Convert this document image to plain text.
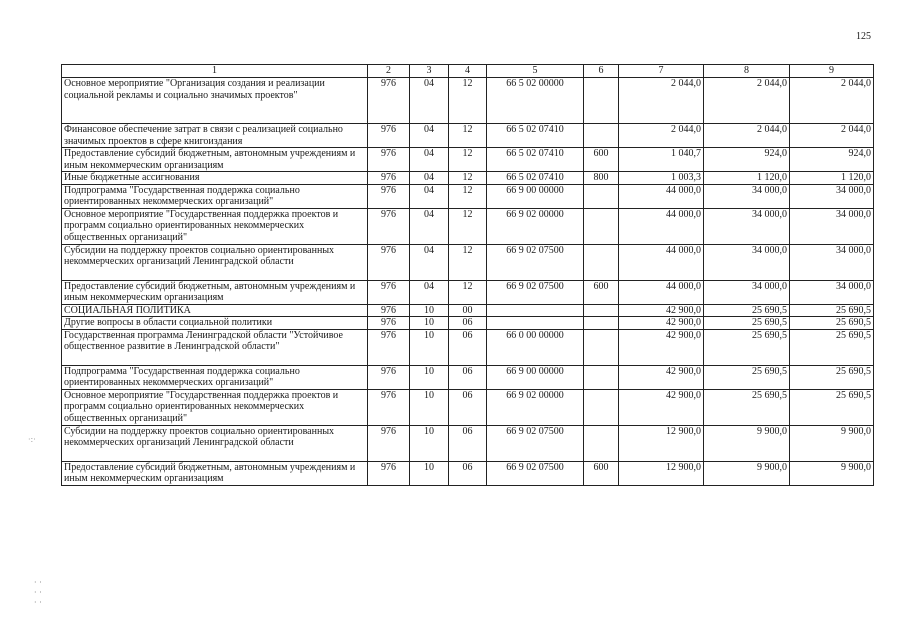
125
1	2	3	4	5	6	7	8	9
Основное мероприятие "Организация создания и реализации социальной рекламы и социально значимых проектов"	976	04	12	66 5 02 00000		2 044,0	2 044,0	2 044,0
Финансовое обеспечение затрат в связи с реализацией социально значимых проектов в сфере книгоиздания	976	04	12	66 5 02 07410		2 044,0	2 044,0	2 044,0
Предоставление субсидий бюджетным, автономным учреждениям и иным некоммерческим организациям	976	04	12	66 5 02 07410	600	1 040,7	924,0	924,0
Иные бюджетные ассигнования	976	04	12	66 5 02 07410	800	1 003,3	1 120,0	1 120,0
Подпрограмма "Государственная поддержка социально ориентированных некоммерческих организаций"	976	04	12	66 9 00 00000		44 000,0	34 000,0	34 000,0
Основное мероприятие "Государственная поддержка проектов и программ социально ориентированных некоммерческих общественных организаций"	976	04	12	66 9 02 00000		44 000,0	34 000,0	34 000,0
Субсидии на поддержку проектов социально ориентированных некоммерческих организаций Ленинградской области	976	04	12	66 9 02 07500		44 000,0	34 000,0	34 000,0
Предоставление субсидий бюджетным, автономным учреждениям и иным некоммерческим организациям	976	04	12	66 9 02 07500	600	44 000,0	34 000,0	34 000,0
СОЦИАЛЬНАЯ ПОЛИТИКА	976	10	00			42 900,0	25 690,5	25 690,5
Другие вопросы в области социальной политики	976	10	06			42 900,0	25 690,5	25 690,5
Государственная программа Ленинградской области "Устойчивое общественное развитие в Ленинградской области"	976	10	06	66 0 00 00000		42 900,0	25 690,5	25 690,5
Подпрограмма "Государственная поддержка социально ориентированных некоммерческих организаций"	976	10	06	66 9 00 00000		42 900,0	25 690,5	25 690,5
Основное мероприятие "Государственная поддержка проектов и программ социально ориентированных некоммерческих общественных организаций"	976	10	06	66 9 02 00000		42 900,0	25 690,5	25 690,5
Субсидии на поддержку проектов социально ориентированных некоммерческих организаций Ленинградской области	976	10	06	66 9 02 07500		12 900,0	9 900,0	9 900,0
Предоставление субсидий бюджетным, автономным учреждениям и иным некоммерческим организациям	976	10	06	66 9 02 07500	600	12 900,0	9 900,0	9 900,0
·:·
· ·
· ·
· ·
